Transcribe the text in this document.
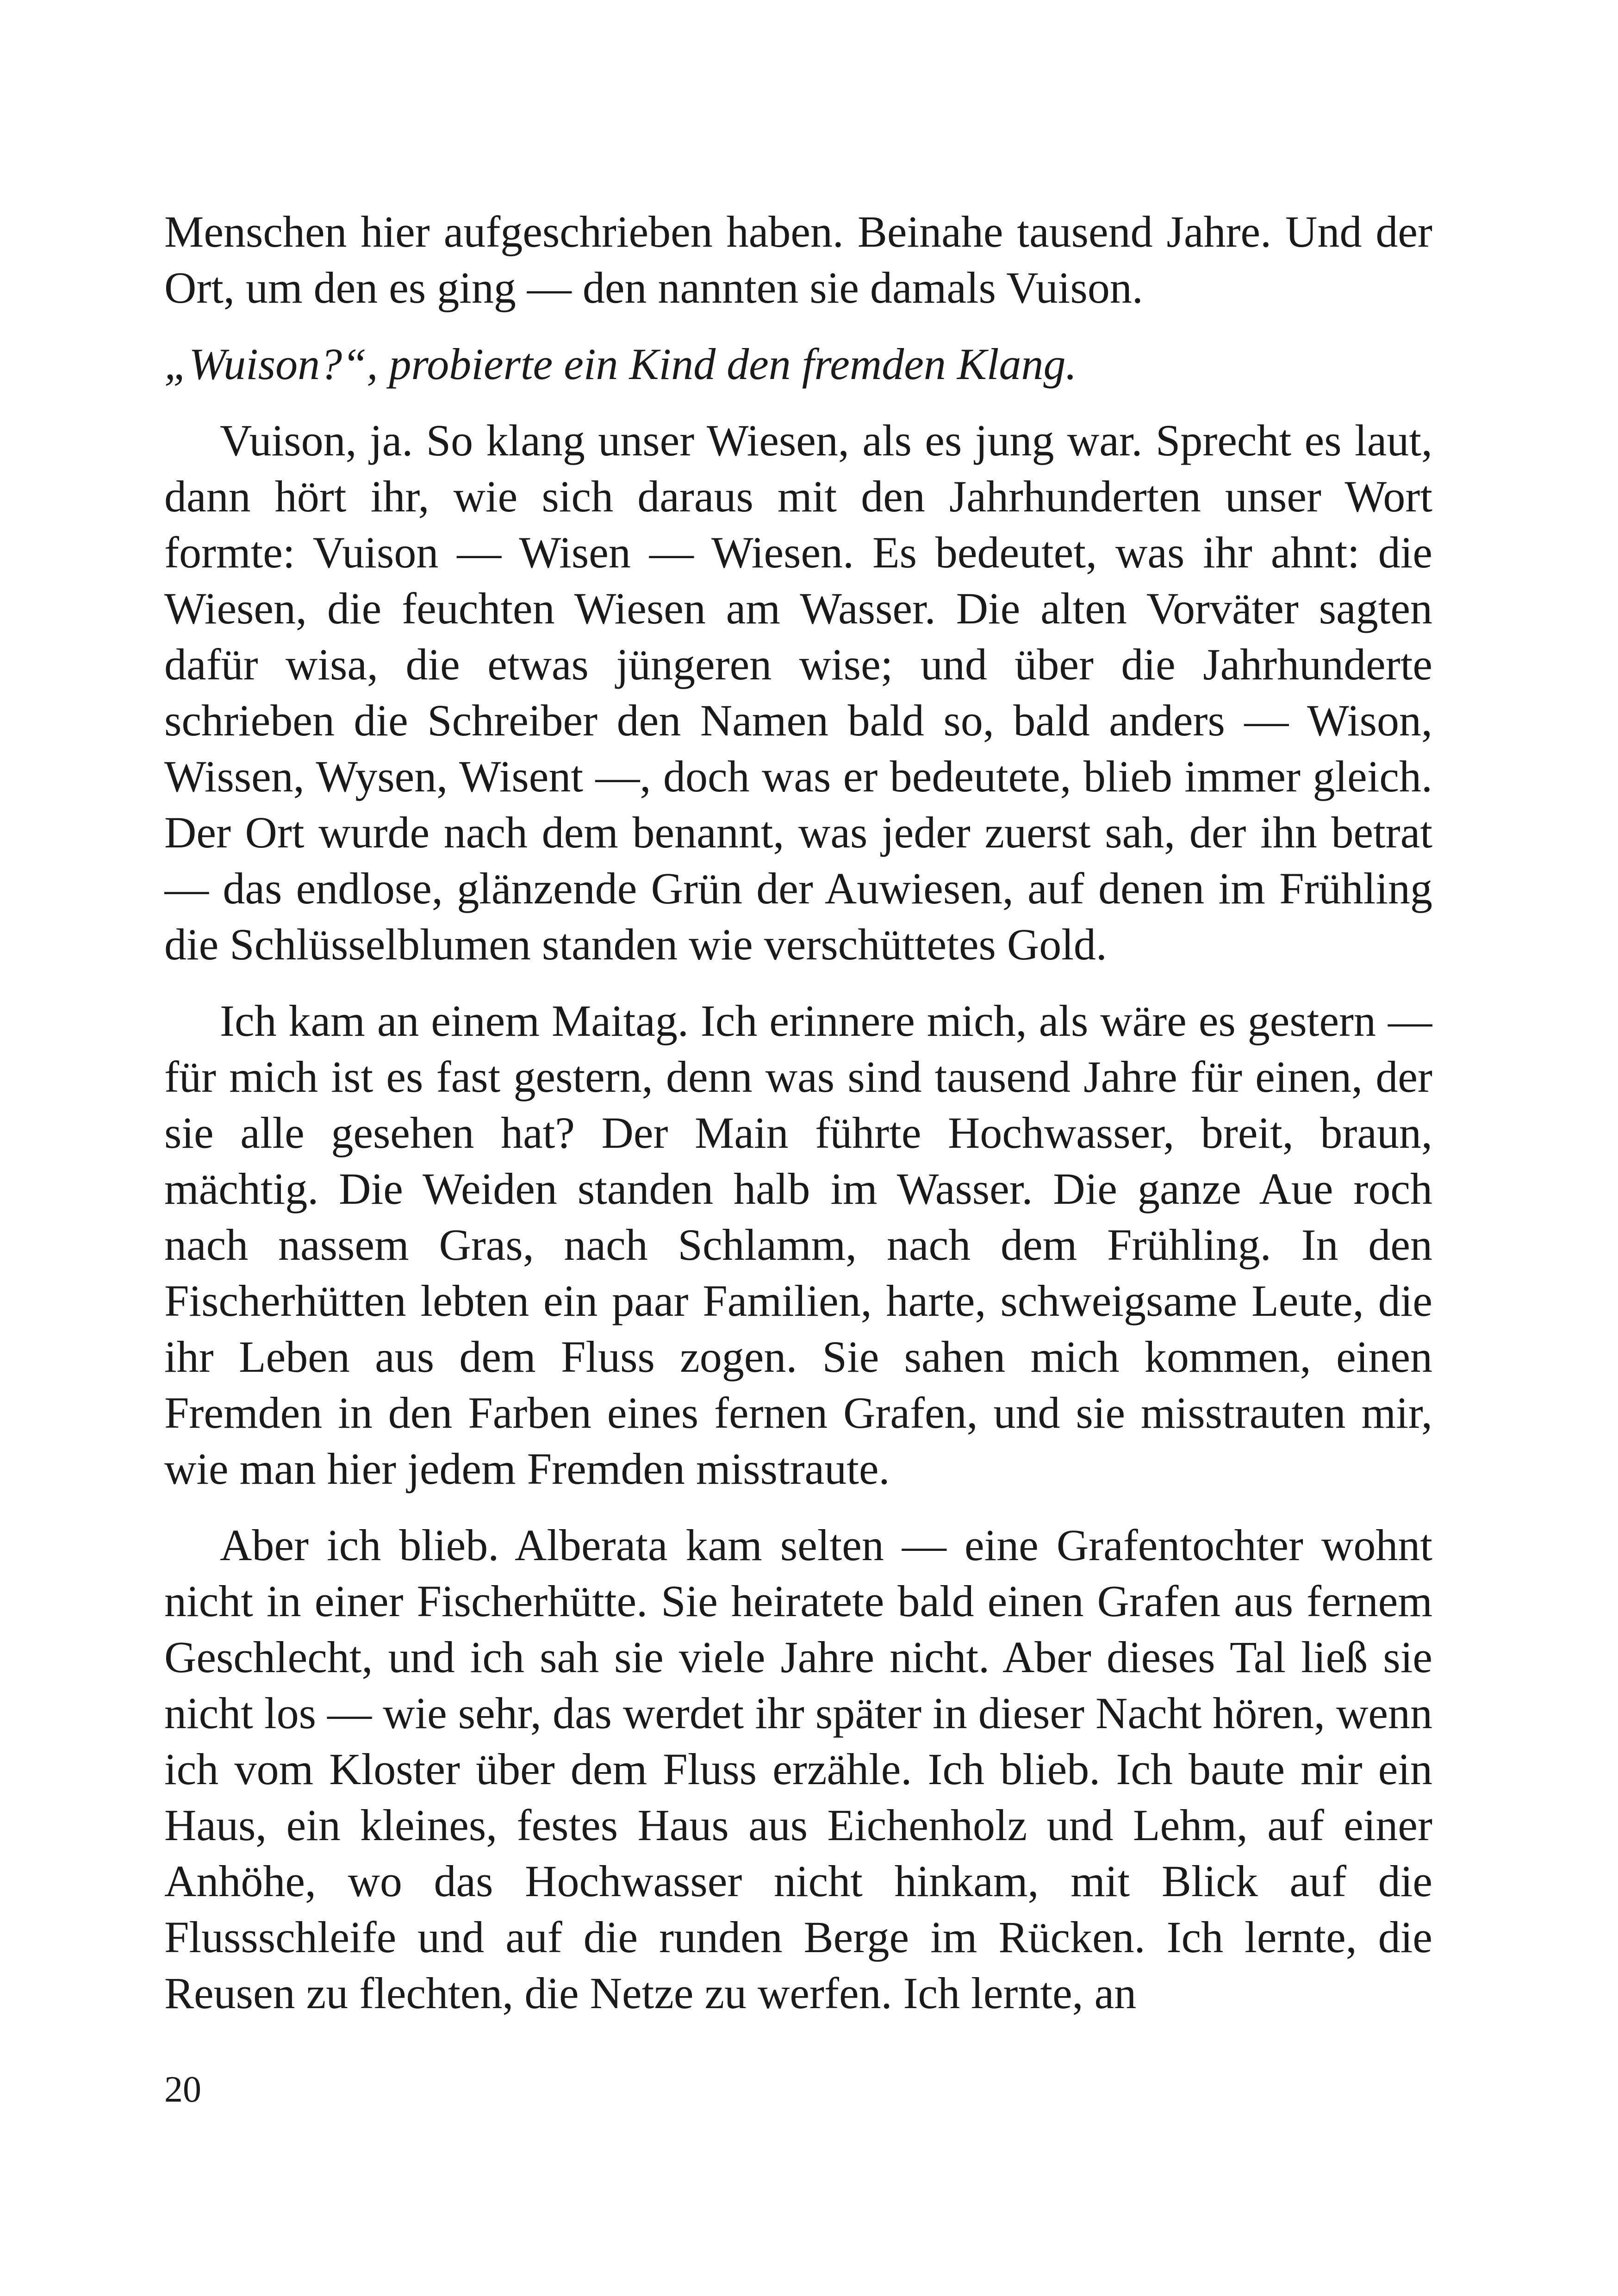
Menschen hier aufgeschrieben haben. Beinahe tausend Jahre. Und der Ort, um den es ging — den nannten sie damals Vuison.

„Wuison?“, probierte ein Kind den fremden Klang.

Vuison, ja. So klang unser Wiesen, als es jung war. Sprecht es laut, dann hört ihr, wie sich daraus mit den Jahrhunderten unser Wort formte: Vuison — Wisen — Wiesen. Es bedeutet, was ihr ahnt: die Wiesen, die feuchten Wiesen am Wasser. Die alten Vorväter sagten dafür wisa, die etwas jüngeren wise; und über die Jahrhunderte schrieben die Schreiber den Namen bald so, bald anders — Wison, Wissen, Wysen, Wisent —, doch was er bedeutete, blieb immer gleich. Der Ort wurde nach dem benannt, was jeder zuerst sah, der ihn betrat — das endlose, glänzende Grün der Auwiesen, auf denen im Frühling die Schlüsselblumen standen wie verschüttetes Gold.

Ich kam an einem Maitag. Ich erinnere mich, als wäre es gestern — für mich ist es fast gestern, denn was sind tausend Jahre für einen, der sie alle gesehen hat? Der Main führte Hochwasser, breit, braun, mächtig. Die Weiden standen halb im Wasser. Die ganze Aue roch nach nassem Gras, nach Schlamm, nach dem Frühling. In den Fischerhütten lebten ein paar Familien, harte, schweigsame Leute, die ihr Leben aus dem Fluss zogen. Sie sahen mich kommen, einen Fremden in den Farben eines fernen Grafen, und sie misstrauten mir, wie man hier jedem Fremden misstraute.

Aber ich blieb. Alberata kam selten — eine Grafentochter wohnt nicht in einer Fischerhütte. Sie heiratete bald einen Grafen aus fernem Geschlecht, und ich sah sie viele Jahre nicht. Aber dieses Tal ließ sie nicht los — wie sehr, das werdet ihr später in dieser Nacht hören, wenn ich vom Kloster über dem Fluss erzähle. Ich blieb. Ich baute mir ein Haus, ein kleines, festes Haus aus Eichenholz und Lehm, auf einer Anhöhe, wo das Hochwasser nicht hinkam, mit Blick auf die Flussschleife und auf die runden Berge im Rücken. Ich lernte, die Reusen zu flechten, die Netze zu werfen. Ich lernte, an

20
